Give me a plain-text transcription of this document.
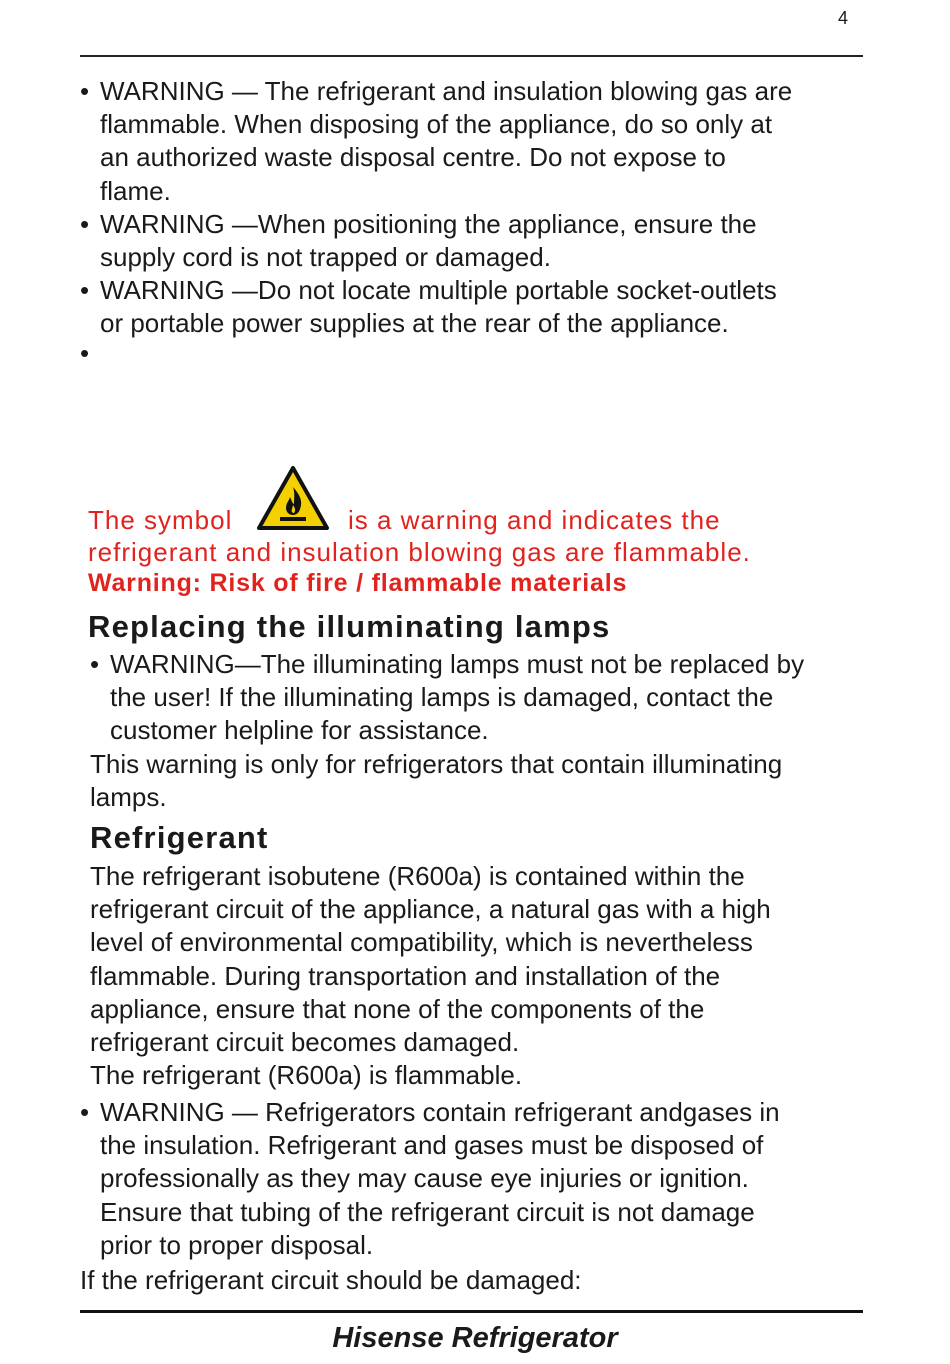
4
• WARNING — The refrigerant and insulation blowing gas are
flammable. When disposing of the appliance, do so only at
an authorized waste disposal centre. Do not expose to
flame.
• WARNING —When positioning the appliance, ensure the
supply cord is not trapped or damaged.
• WARNING —Do not locate multiple portable socket-outlets
or portable power supplies at the rear of the appliance.
•
The symbol	is a warning and indicates the
refrigerant and insulation blowing gas are flammable.
Warning: Risk of fire / flammable materials
Replacing the illuminating lamps
• WARNING—The illuminating lamps must not be replaced by
the user! If the illuminating lamps is damaged, contact the
customer helpline for assistance.
This warning is only for refrigerators that contain illuminating
lamps.
Refrigerant
The refrigerant isobutene (R600a) is contained within the
refrigerant circuit of the appliance, a natural gas with a high
level of environmental compatibility, which is nevertheless
flammable. During transportation and installation of the
appliance, ensure that none of the components of the
refrigerant circuit becomes damaged.
The refrigerant (R600a) is flammable.
• WARNING — Refrigerators contain refrigerant andgases in
the insulation. Refrigerant and gases must be disposed of
professionally as they may cause eye injuries or ignition.
Ensure that tubing of the refrigerant circuit is not damage
prior to proper disposal.
If the refrigerant circuit should be damaged:
Hisense Refrigerator
